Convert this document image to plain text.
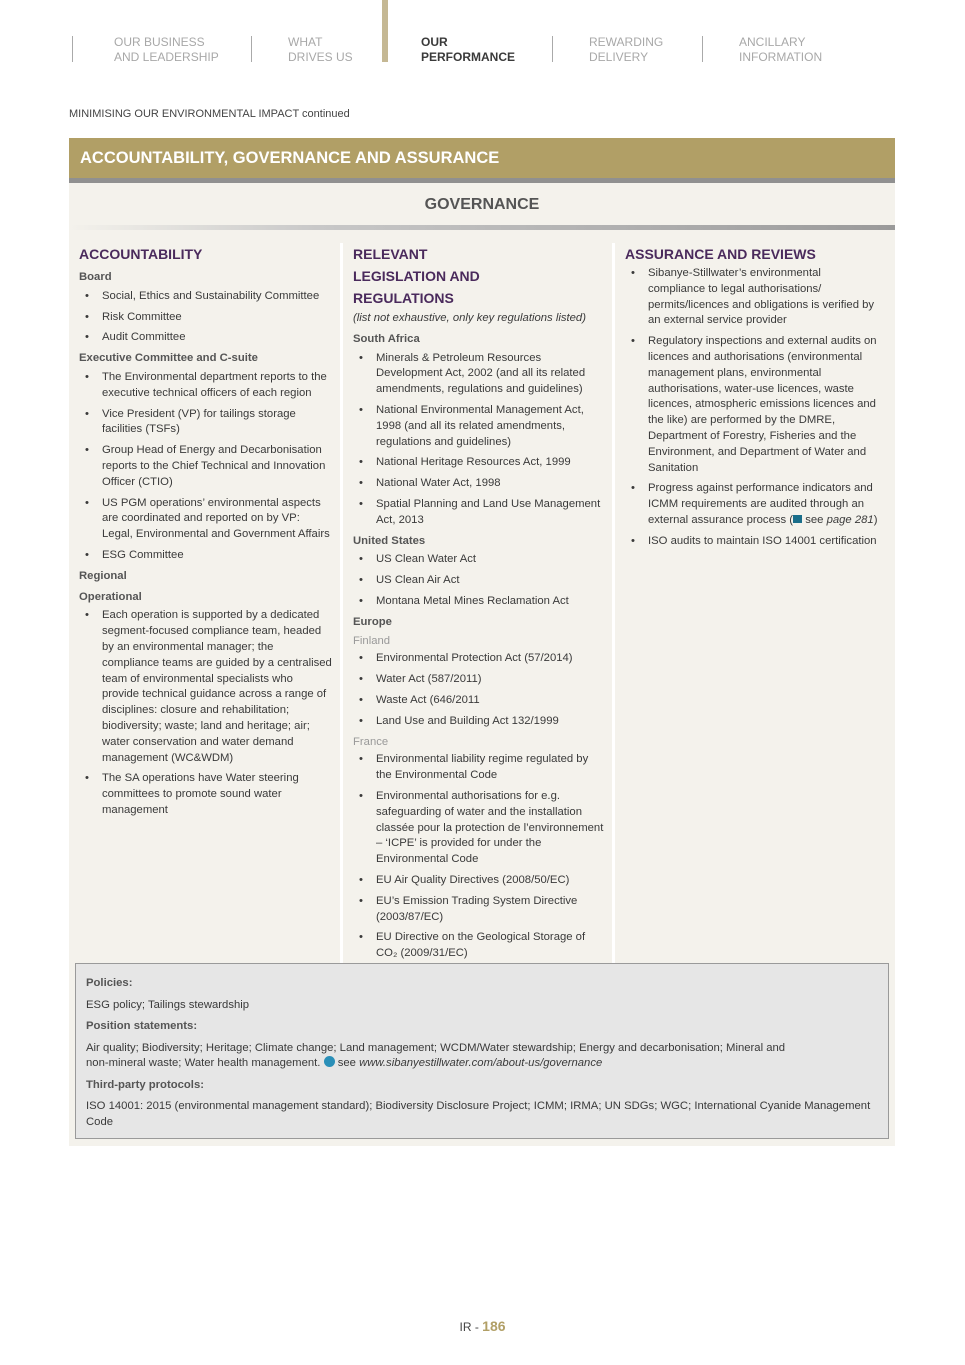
OUR BUSINESS
AND LEADERSHIP
WHAT
DRIVES US
OUR
PERFORMANCE
REWARDING
DELIVERY
ANCILLARY
INFORMATION
MINIMISING OUR ENVIRONMENTAL IMPACT continued
ACCOUNTABILITY, GOVERNANCE AND ASSURANCE
GOVERNANCE
ACCOUNTABILITY
Board
• Social, Ethics and Sustainability Committee
• Risk Committee
• Audit Committee
Executive Committee and C-suite
• The Environmental department reports to the executive technical officers of each region
• Vice President (VP) for tailings storage facilities (TSFs)
• Group Head of Energy and Decarbonisation reports to the Chief Technical and Innovation Officer (CTIO)
• US PGM operations’ environmental aspects are coordinated and reported on by VP: Legal, Environmental and Government Affairs
• ESG Committee
Regional
Operational
• Each operation is supported by a dedicated segment-focused compliance team, headed by an environmental manager; the compliance teams are guided by a centralised team of environmental specialists who provide technical guidance across a range of disciplines: closure and rehabilitation; biodiversity; waste; land and heritage; air; water conservation and water demand management (WC&WDM)
• The SA operations have Water steering committees to promote sound water management
RELEVANT LEGISLATION AND REGULATIONS
(list not exhaustive, only key regulations listed)
South Africa
• Minerals & Petroleum Resources Development Act, 2002 (and all its related amendments, regulations and guidelines)
• National Environmental Management Act, 1998 (and all its related amendments, regulations and guidelines)
• National Heritage Resources Act, 1999
• National Water Act, 1998
• Spatial Planning and Land Use Management Act, 2013
United States
• US Clean Water Act
• US Clean Air Act
• Montana Metal Mines Reclamation Act
Europe
Finland
• Environmental Protection Act (57/2014)
• Water Act (587/2011)
• Waste Act (646/2011
• Land Use and Building Act 132/1999
France
• Environmental liability regime regulated by the Environmental Code
• Environmental authorisations for e.g. safeguarding of water and the installation classée pour la protection de l’environnement – ‘ICPE’ is provided for under the Environmental Code
• EU Air Quality Directives (2008/50/EC)
• EU’s Emission Trading System Directive (2003/87/EC)
• EU Directive on the Geological Storage of CO₂ (2009/31/EC)
ASSURANCE AND REVIEWS
• Sibanye-Stillwater’s environmental compliance to legal authorisations/ permits/licences and obligations is verified by an external service provider
• Regulatory inspections and external audits on licences and authorisations (environmental management plans, environmental authorisations, water-use licences, waste licences, atmospheric emissions licences and the like) are performed by the DMRE, Department of Forestry, Fisheries and the Environment, and Department of Water and Sanitation
• Progress against performance indicators and ICMM requirements are audited through an external assurance process ( see page 281)
• ISO audits to maintain ISO 14001 certification
Policies:
ESG policy; Tailings stewardship
Position statements:
Air quality; Biodiversity; Heritage; Climate change; Land management; WCDM/Water stewardship; Energy and decarbonisation; Mineral and non-mineral waste; Water health management. see www.sibanyestillwater.com/about-us/governance
Third-party protocols:
ISO 14001: 2015 (environmental management standard); Biodiversity Disclosure Project; ICMM; IRMA; UN SDGs; WGC; International Cyanide Management Code
IR - 186
